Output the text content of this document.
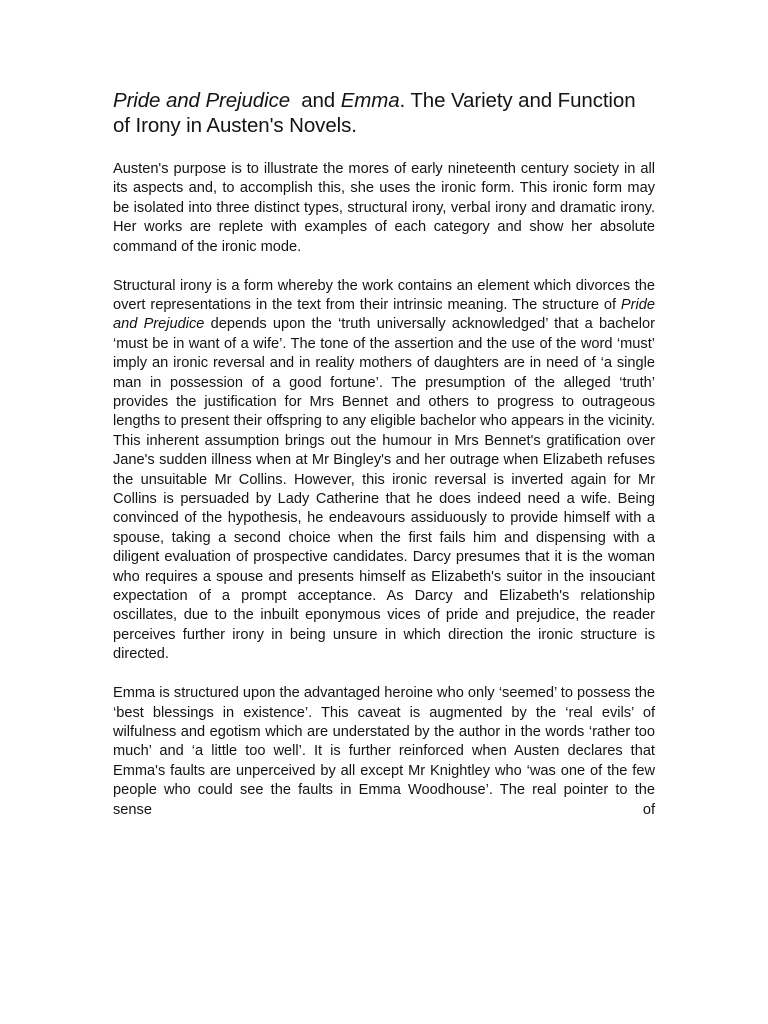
Pride and Prejudice  and Emma. The Variety and Function of Irony in Austen's Novels.

Austen's purpose is to illustrate the mores of early nineteenth century society in all its aspects and, to accomplish this, she uses the ironic form. This ironic form may be isolated into three distinct types, structural irony, verbal irony and dramatic irony. Her works are replete with examples of each category and show her absolute command of the ironic mode.

Structural irony is a form whereby the work contains an element which divorces the overt representations in the text from their intrinsic meaning. The structure of Pride and Prejudice depends upon the ‘truth universally acknowledged’ that a bachelor ‘must be in want of a wife’. The tone of the assertion and the use of the word ‘must’ imply an ironic reversal and in reality mothers of daughters are in need of ‘a single man in possession of a good fortune’. The presumption of the alleged ‘truth’ provides the justification for Mrs Bennet and others to progress to outrageous lengths to present their offspring to any eligible bachelor who appears in the vicinity. This inherent assumption brings out the humour in Mrs Bennet's gratification over Jane's sudden illness when at Mr Bingley's and her outrage when Elizabeth refuses the unsuitable Mr Collins. However, this ironic reversal is inverted again for Mr Collins is persuaded by Lady Catherine that he does indeed need a wife. Being convinced of the hypothesis, he endeavours assiduously to provide himself with a spouse, taking a second choice when the first fails him and dispensing with a diligent evaluation of prospective candidates. Darcy presumes that it is the woman who requires a spouse and presents himself as Elizabeth's suitor in the insouciant expectation of a prompt acceptance. As Darcy and Elizabeth's relationship oscillates, due to the inbuilt eponymous vices of pride and prejudice, the reader perceives further irony in being unsure in which direction the ironic structure is directed.

Emma is structured upon the advantaged heroine who only ‘seemed’ to possess the ‘best blessings in existence’. This caveat is augmented by the ‘real evils’ of wilfulness and egotism which are understated by the author in the words ‘rather too much’ and ‘a little too well’. It is further reinforced when Austen declares that Emma's faults are unperceived by all except Mr Knightley who ‘was one of the few people who could see the faults in Emma Woodhouse’. The real pointer to the sense of
